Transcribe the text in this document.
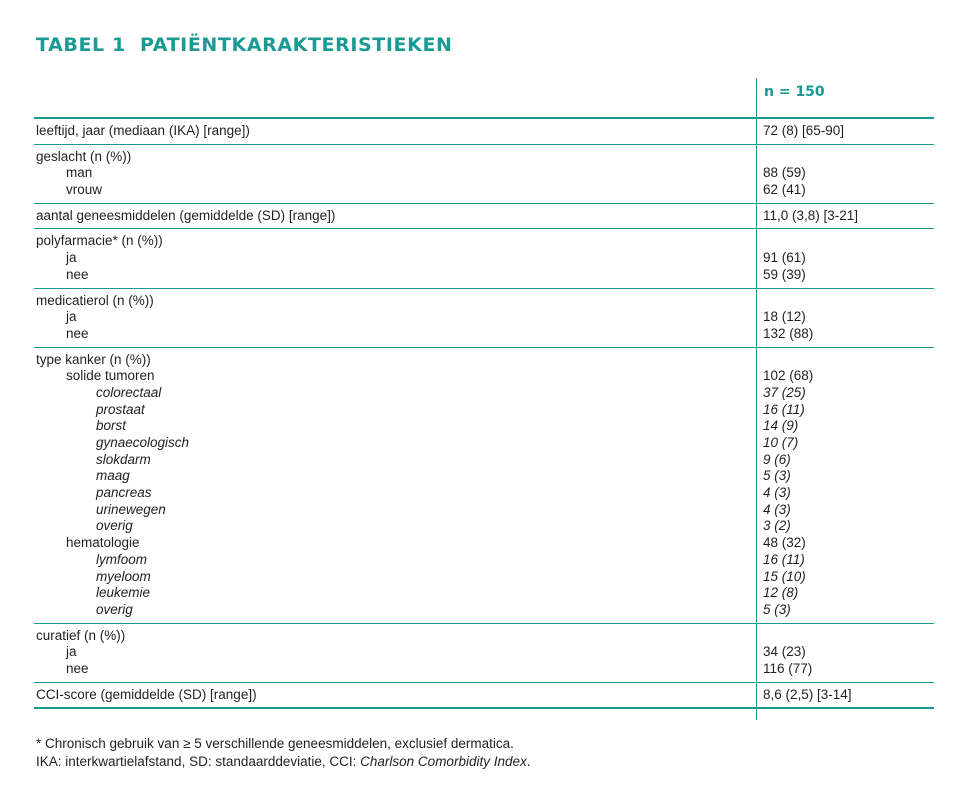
TABEL 1 PATIËNTKARAKTERISTIEKEN
n = 150
leeftijd, jaar (mediaan (IKA) [range])	72 (8) [65-90]
geslacht (n (%))
man	88 (59)
vrouw	62 (41)
aantal geneesmiddelen (gemiddelde (SD) [range])	11,0 (3,8) [3-21]
polyfarmacie* (n (%))
ja	91 (61)
nee	59 (39)
medicatierol (n (%))
ja	18 (12)
nee	132 (88)
type kanker (n (%))
solide tumoren	102 (68)
colorectaal	37 (25)
prostaat	16 (11)
borst	14 (9)
gynaecologisch	10 (7)
slokdarm	9 (6)
maag	5 (3)
pancreas	4 (3)
urinewegen	4 (3)
overig	3 (2)
hematologie	48 (32)
lymfoom	16 (11)
myeloom	15 (10)
leukemie	12 (8)
overig	5 (3)
curatief (n (%))
ja	34 (23)
nee	116 (77)
CCI-score (gemiddelde (SD) [range])	8,6 (2,5) [3-14]
* Chronisch gebruik van ≥ 5 verschillende geneesmiddelen, exclusief dermatica.
IKA: interkwartielafstand, SD: standaarddeviatie, CCI: Charlson Comorbidity Index.
